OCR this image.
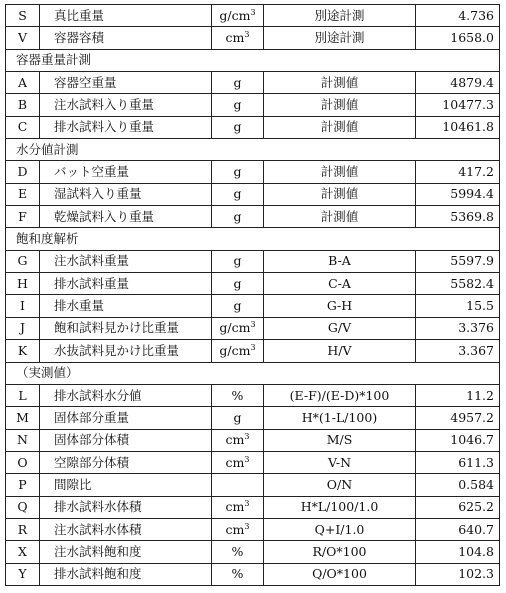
S	真比重量	$g/cm^3$	別途計測	4.736
V	容器容積	$cm^3$	別途計測	1658.0
容器重量計測				
A	容器空重量	g	計測値	4879.4
B	注水試料入り重量	g	計測値	10477.3
C	排水試料入り重量	g	計測値	10461.8
水分値計測				
D	バット空重量	g	計測値	417.2
E	湿試料入り重量	g	計測値	5994.4
F	乾燥試料入り重量	g	計測値	5369.8
飽和度解析				
G	注水試料重量	g	B-A	5597.9
H	排水試料重量	g	C-A	5582.4
I	排水重量	g	G-H	15.5
J	飽和試料見かけ比重量	$g/cm^3$	G/V	3.376
K	水抜試料見かけ比重量	$g/cm^3$	H/V	3.367
（実測値）				
L	排水試料水分値	%	(E-F)/(E-D)*100	11.2
M	固体部分重量	g	H*(1-L/100)	4957.2
N	固体部分体積	$cm^3$	M/S	1046.7
O	空隙部分体積	$cm^3$	V-N	611.3
P	間隙比		O/N	0.584
Q	排水試料水体積	$cm^3$	H*L/100/1.0	625.2
R	注水試料水体積	$cm^3$	Q+I/1.0	640.7
X	注水試料飽和度	%	R/O*100	104.8
Y	排水試料飽和度	%	Q/O*100	102.3
